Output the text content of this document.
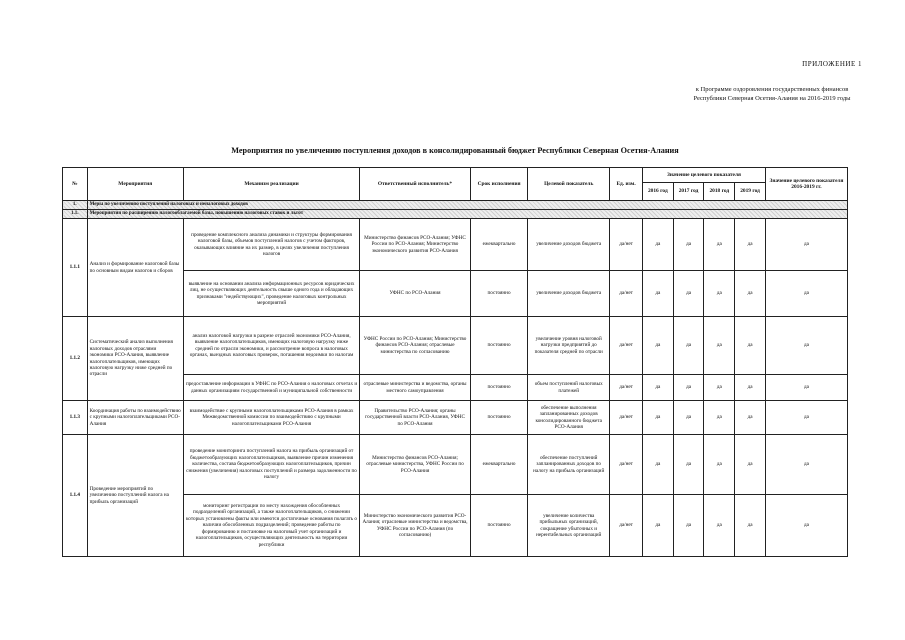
ПРИЛОЖЕНИЕ 1
к Программе оздоровления государственных финансов Республики Северная Осетия-Алания на 2016-2019 годы
Мероприятия по увеличению поступления доходов в консолидированный бюджет Республики Северная Осетия-Алания
№	Мероприятия	Механизм реализации	Ответственный исполнитель*	Срок исполнения	Целевой показатель	Ед. изм.	Значение целевого показателя				Значение целевого показателя 2016-2019 гг.
							2016 год	2017 год	2018 год	2019 год	
1.	Меры по увеличению поступлений налоговых и неналоговых доходов										
1.1.	Мероприятия по расширению налогооблагаемой базы, повышению налоговых ставок и льгот										
1.1.1	Анализ и формирование налоговой базы по основным видам налогов и сборов	проведение комплексного анализа динамики и структуры формирования налоговой базы, объемов поступлений налогов с учетом факторов, оказывающих влияние на их размер, в целях увеличения поступления налогов	Министерство финансов РСО-Алания; УФНС России по РСО-Алания; Министерство экономического развития РСО-Алания	ежеквартально	увеличение доходов бюджета	да/нет	да	да	да	да	да
		выявление на основании анализа информационных ресурсов юридических лиц, не осуществляющих деятельность свыше одного года и обладающих признаками "недействующих", проведение налоговых контрольных мероприятий	УФНС по РСО-Алания	постоянно	увеличение доходов бюджета	да/нет	да	да	да	да	да
1.1.2	Систематический анализ выполнения налоговых доходов отраслями экономики РСО-Алания, выявление налогоплательщиков, имеющих налоговую нагрузку ниже средней по отрасли	анализ налоговой нагрузки в разрезе отраслей экономики РСО-Алания, выявление налогоплательщиков, имеющих налоговую нагрузку ниже средней по отрасли экономики, и рассмотрение вопроса в налоговых органах, выездных налоговых проверок, погашения недоимки по налогам	УФНС России по РСО-Алания; Министерство финансов РСО-Алания; отраслевые министерства по согласованию	постоянно	увеличение уровня налоговой нагрузки предприятий до показателя средней по отрасли	да/нет	да	да	да	да	да
		предоставление информации в УФНС по РСО-Алания о налоговых отчетах и данных организациям государственной и муниципальной собственности	отраслевые министерства и ведомства, органы местного самоуправления	постоянно	объем поступлений налоговых платежей	да/нет	да	да	да	да	да
1.1.3	Координация работы по взаимодействию с крупными налогоплательщиками РСО-Алания	взаимодействие с крупными налогоплательщиками РСО-Алания в рамках Межведомственной комиссии по взаимодействию с крупными налогоплательщиками РСО-Алания	Правительство РСО-Алания; органы государственной власти РСО-Алания, УФНС по РСО-Алания	постоянно	обеспечение выполнения запланированных доходов консолидированного бюджета РСО-Алания	да/нет	да	да	да	да	да
1.1.4	Проведение мероприятий по увеличению поступлений налога на прибыль организаций	проведение мониторинга поступлений налога на прибыль организаций от бюджетообразующих налогоплательщиков, выявление причин изменения количества, состава бюджетообразующих налогоплательщиков, причин снижения (увеличения) налоговых поступлений и размера задолженности по налогу	Министерство финансов РСО-Алания; отраслевые министерства, УФНС России по РСО-Алания	ежеквартально	обеспечение поступлений запланированных доходов по налогу на прибыль организаций	да/нет	да	да	да	да	да
		мониторинг регистрации по месту нахождения обособленных подразделений организаций, а также налогоплательщиков, о снижении которых установлены факты или имеются достаточные основания полагать о наличии обособленных подразделений; проведение работы по формированию и постановке на налоговый учет организаций и налогоплательщиков, осуществляющих деятельность на территории республики	Министерство экономического развития РСО-Алания; отраслевые министерства и ведомства, УФНС России по РСО-Алания (по согласованию)	постоянно	увеличение количества прибыльных организаций, сокращение убыточных и нерентабельных организаций	да/нет	да	да	да	да	да
